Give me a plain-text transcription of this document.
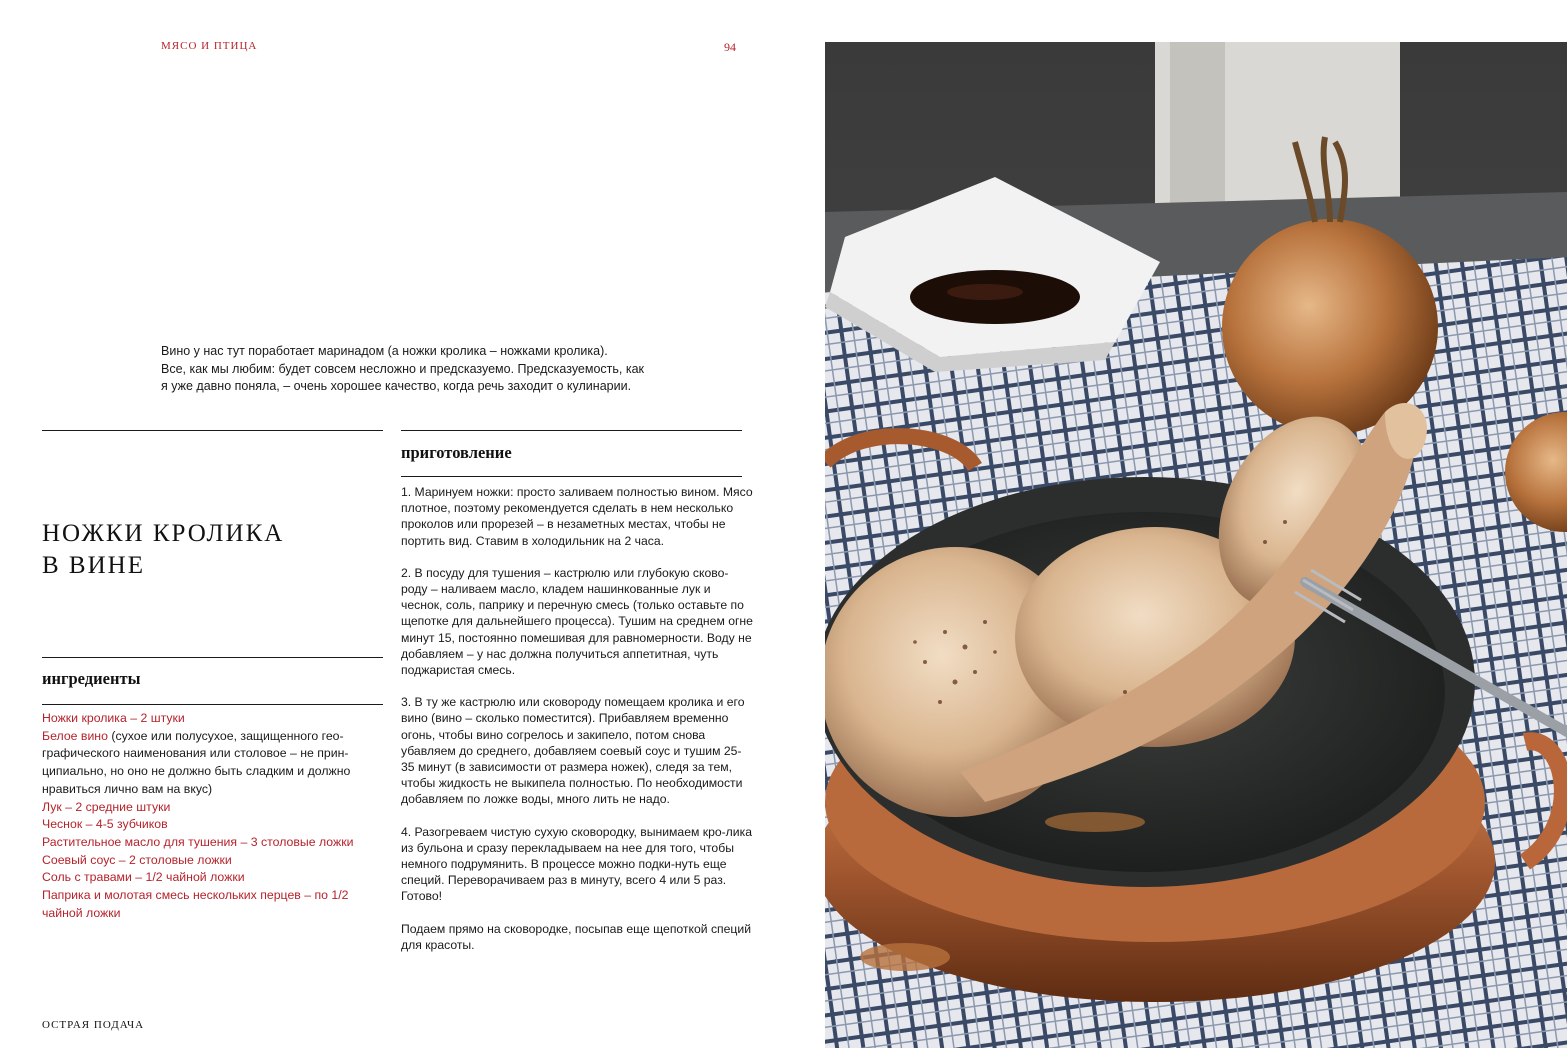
МЯСО И ПТИЦА	94

Вино у нас тут поработает маринадом (а ножки кролика – ножками кролика).

Все, как мы любим: будет совсем несложно и предсказуемо. Предсказуемость, как

я уже давно поняла, – очень хорошее качество, когда речь заходит о кулинарии.

НОЖКИ КРОЛИКА
В ВИНЕ
ингредиенты
Ножки кролика – 2 штуки
Белое вино (сухое или полусухое, защищенного гео-графического наименования или столовое – не прин-ципиально, но оно не должно быть сладким и должно нравиться лично вам на вкус)
Лук – 2 средние штуки
Чеснок – 4-5 зубчиков
Растительное масло для тушения – 3 столовые ложки
Соевый соус – 2 столовые ложки
Соль с травами – 1/2 чайной ложки
Паприка и молотая смесь нескольких перцев – по 1/2 чайной ложки
приготовление

1. Маринуем ножки: просто заливаем полностью вином. Мясо плотное, поэтому рекомендуется сделать в нем несколько проколов или прорезей – в незаметных местах, чтобы не портить вид. Ставим в холодильник на 2 часа.

2. В посуду для тушения – кастрюлю или глубокую сково-роду – наливаем масло, кладем нашинкованные лук и чеснок, соль, паприку и перечную смесь (только оставьте по щепотке для дальнейшего процесса). Тушим на среднем огне минут 15, постоянно помешивая для равномерности. Воду не добавляем – у нас должна получиться аппетитная, чуть поджаристая смесь.

3. В ту же кастрюлю или сковороду помещаем кролика и его вино (вино – сколько поместится). Прибавляем временно огонь, чтобы вино согрелось и закипело, потом снова убавляем до среднего, добавляем соевый соус и тушим 25-35 минут (в зависимости от размера ножек), следя за тем, чтобы жидкость не выкипела полностью. По необходимости добавляем по ложке воды, много лить не надо.

4. Разогреваем чистую сухую сковородку, вынимаем кро-лика из бульона и сразу перекладываем на нее для того, чтобы немного подрумянить. В процессе можно подки-нуть еще специй. Переворачиваем раз в минуту, всего 4 или 5 раз. Готово!

Подаем прямо на сковородке, посыпав еще щепоткой специй для красоты.

ОСТРАЯ ПОДАЧА
